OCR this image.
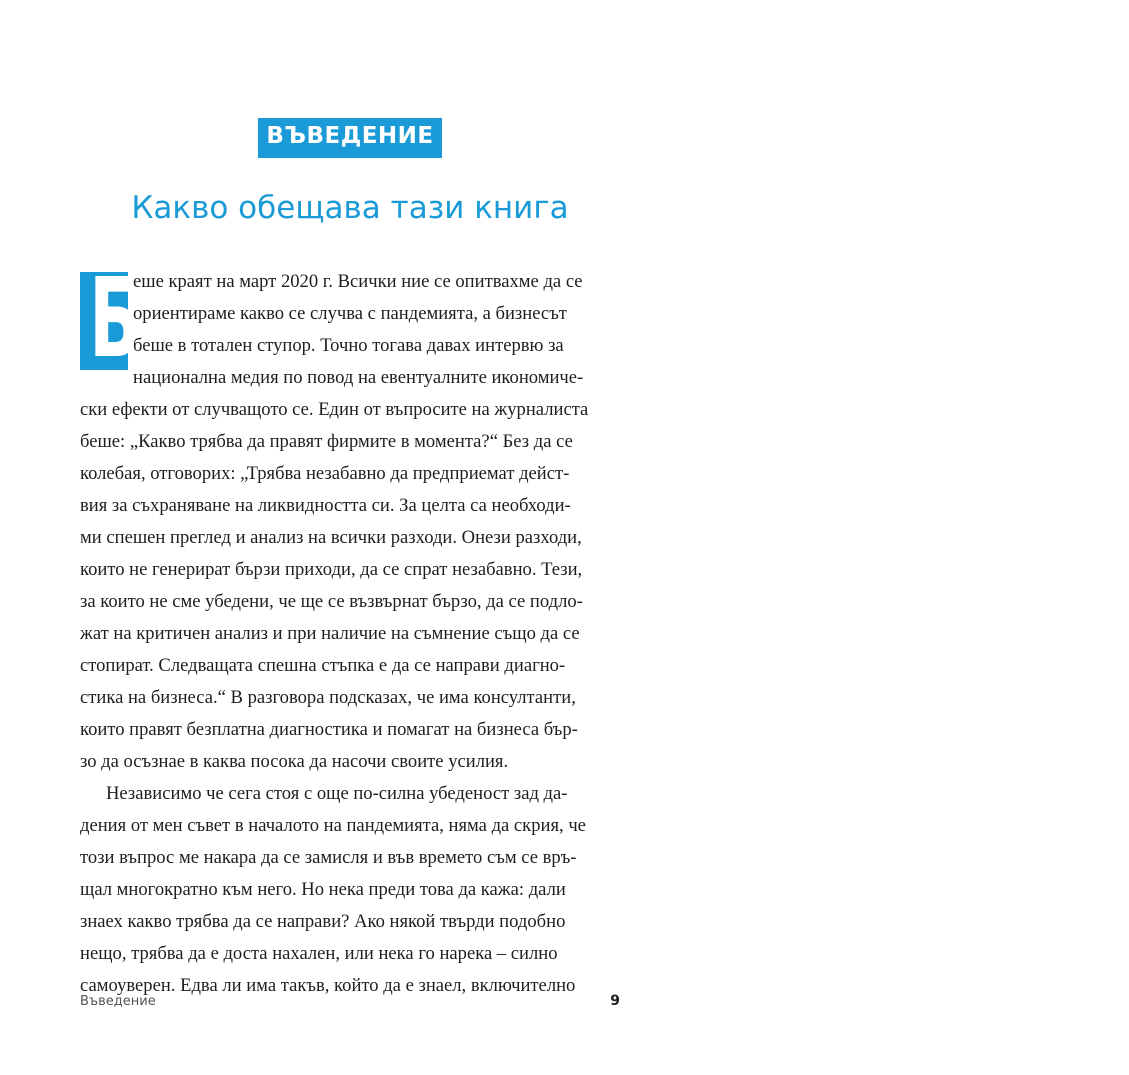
ВЪВЕДЕНИЕ
Какво обещава тази книга
Б
еше краят на март 2020 г. Всички ние се опитвахме да се
ориентираме какво се случва с пандемията, а бизнесът
беше в тотален ступор. Точно тогава давах интервю за
национална медия по повод на евентуалните икономиче-
ски ефекти от случващото се. Един от въпросите на журналиста
беше: „Какво трябва да правят фирмите в момента?“ Без да се
колебая, отговорих: „Трябва незабавно да предприемат дейст-
вия за съхраняване на ликвидността си. За целта са необходи-
ми спешен преглед и анализ на всички разходи. Онези разходи,
които не генерират бързи приходи, да се спрат незабавно. Тези,
за които не сме убедени, че ще се възвърнат бързо, да се подло-
жат на критичен анализ и при наличие на съмнение също да се
стопират. Следващата спешна стъпка е да се направи диагно-
стика на бизнеса.“ В разговора подсказах, че има консултанти,
които правят безплатна диагностика и помагат на бизнеса бър-
зо да осъзнае в каква посока да насочи своите усилия.
Независимо че сега стоя с още по-силна убеденост зад да-
дения от мен съвет в началото на пандемията, няма да скрия, че
този въпрос ме накара да се замисля и във времето съм се връ-
щал многократно към него. Но нека преди това да кажа: дали
знаех какво трябва да се направи? Ако някой твърди подобно
нещо, трябва да е доста нахален, или нека го нарека – силно
самоуверен. Едва ли има такъв, който да е знаел, включително
Въведение	9
